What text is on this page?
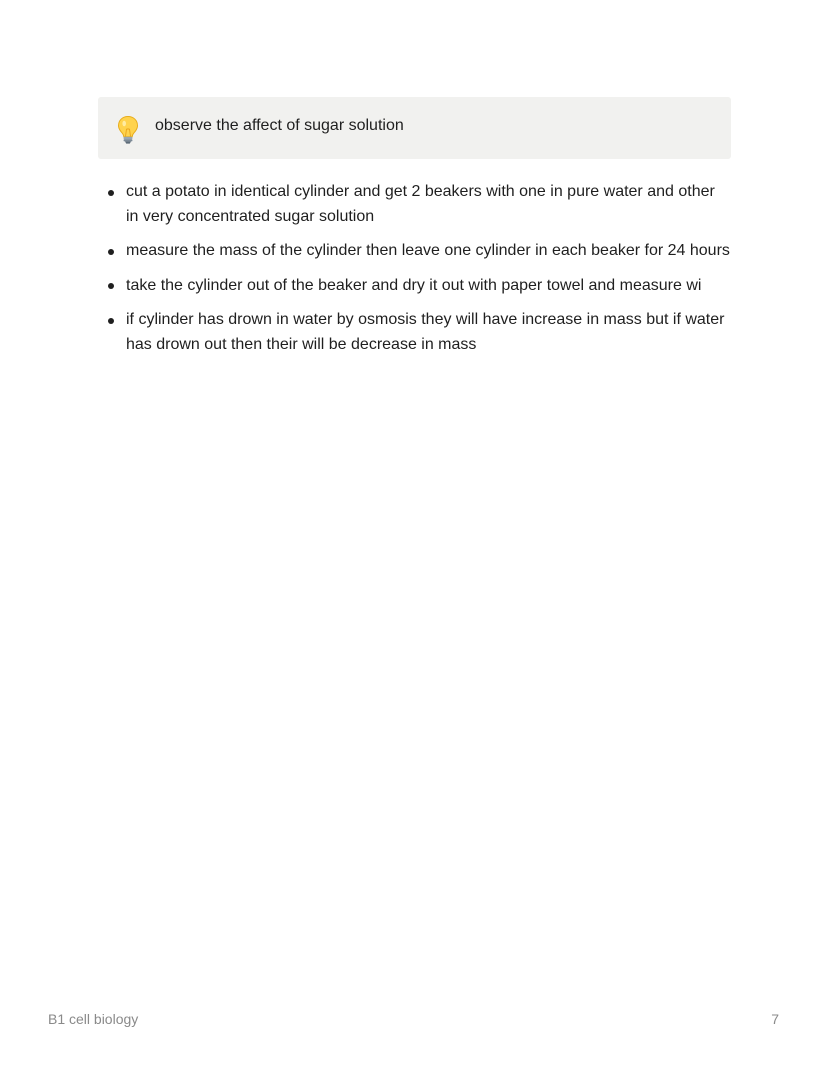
observe the affect of sugar solution
cut a potato in identical cylinder and get 2 beakers with one in pure water and other in very concentrated sugar solution
measure the mass of the cylinder then leave one cylinder in each beaker for 24 hours
take the cylinder out of the beaker and dry it out with paper towel and measure wi
if cylinder has drown in water by osmosis they will have increase in mass but if water has drown out then their will be decrease in mass
B1 cell biology	7
